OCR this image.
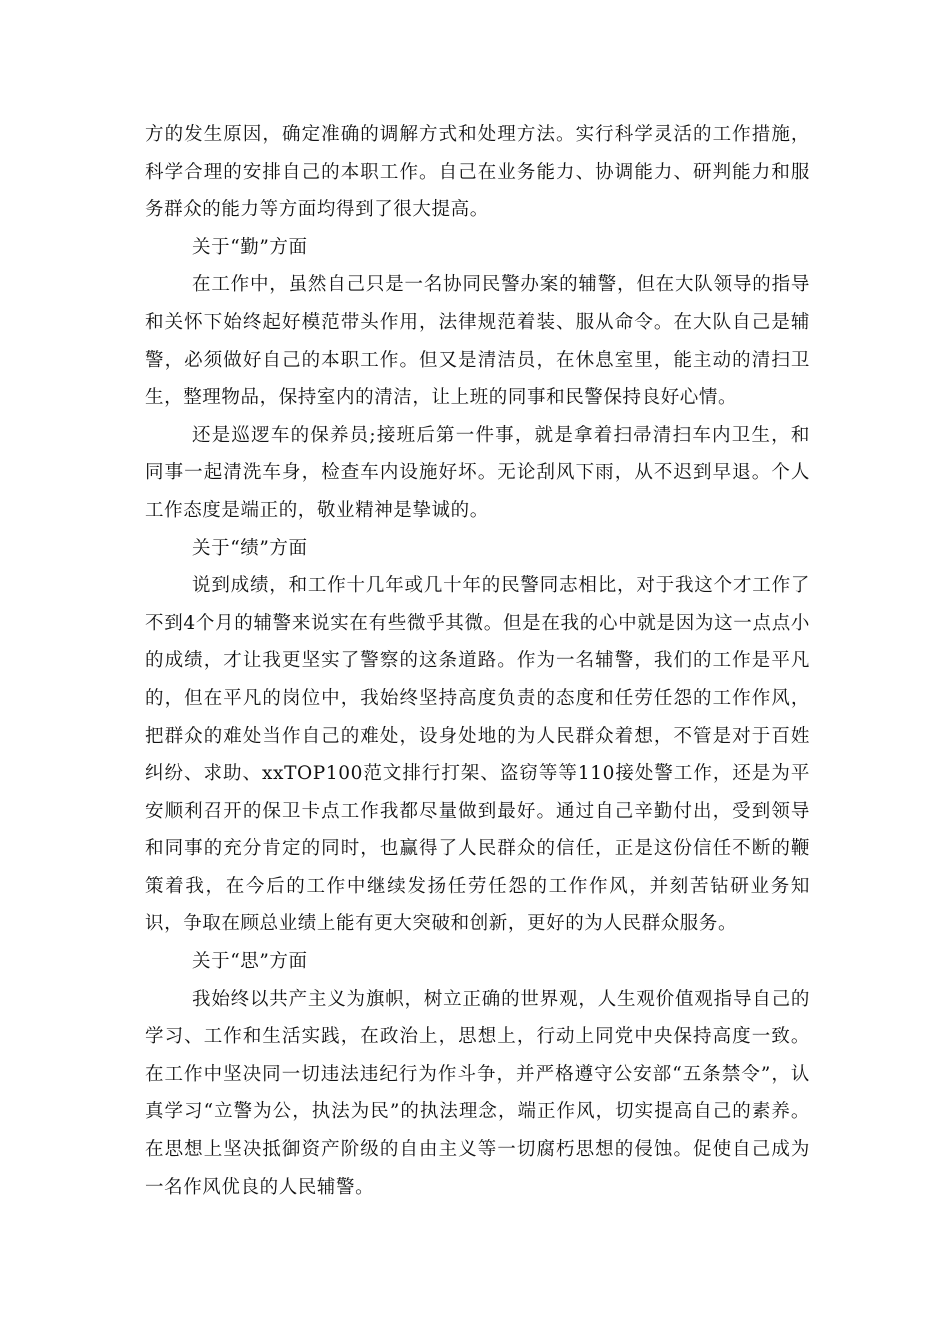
方的发生原因，确定准确的调解方式和处理方法。实行科学灵活的工作措施，科学合理的安排自己的本职工作。自己在业务能力、协调能力、研判能力和服务群众的能力等方面均得到了很大提高。

关于“勤”方面

在工作中，虽然自己只是一名协同民警办案的辅警，但在大队领导的指导和关怀下始终起好模范带头作用，法律规范着装、服从命令。在大队自己是辅警，必须做好自己的本职工作。但又是清洁员，在休息室里，能主动的清扫卫生，整理物品，保持室内的清洁，让上班的同事和民警保持良好心情。

还是巡逻车的保养员;接班后第一件事，就是拿着扫帚清扫车内卫生，和同事一起清洗车身，检查车内设施好坏。无论刮风下雨，从不迟到早退。个人工作态度是端正的，敬业精神是挚诚的。

关于“绩”方面

说到成绩，和工作十几年或几十年的民警同志相比，对于我这个才工作了不到4个月的辅警来说实在有些微乎其微。但是在我的心中就是因为这一点点小的成绩，才让我更坚实了警察的这条道路。作为一名辅警，我们的工作是平凡的，但在平凡的岗位中，我始终坚持高度负责的态度和任劳任怨的工作作风，把群众的难处当作自己的难处，设身处地的为人民群众着想，不管是对于百姓纠纷、求助、xxTOP100范文排行打架、盗窃等等110接处警工作，还是为平安顺利召开的保卫卡点工作我都尽量做到最好。通过自己辛勤付出，受到领导和同事的充分肯定的同时，也赢得了人民群众的信任，正是这份信任不断的鞭策着我，在今后的工作中继续发扬任劳任怨的工作作风，并刻苦钻研业务知识，争取在顾总业绩上能有更大突破和创新，更好的为人民群众服务。

关于“思”方面

我始终以共产主义为旗帜，树立正确的世界观，人生观价值观指导自己的学习、工作和生活实践，在政治上，思想上，行动上同党中央保持高度一致。在工作中坚决同一切违法违纪行为作斗争，并严格遵守公安部“五条禁令”，认真学习“立警为公，执法为民”的执法理念，端正作风，切实提高自己的素养。在思想上坚决抵御资产阶级的自由主义等一切腐朽思想的侵蚀。促使自己成为一名作风优良的人民辅警。
